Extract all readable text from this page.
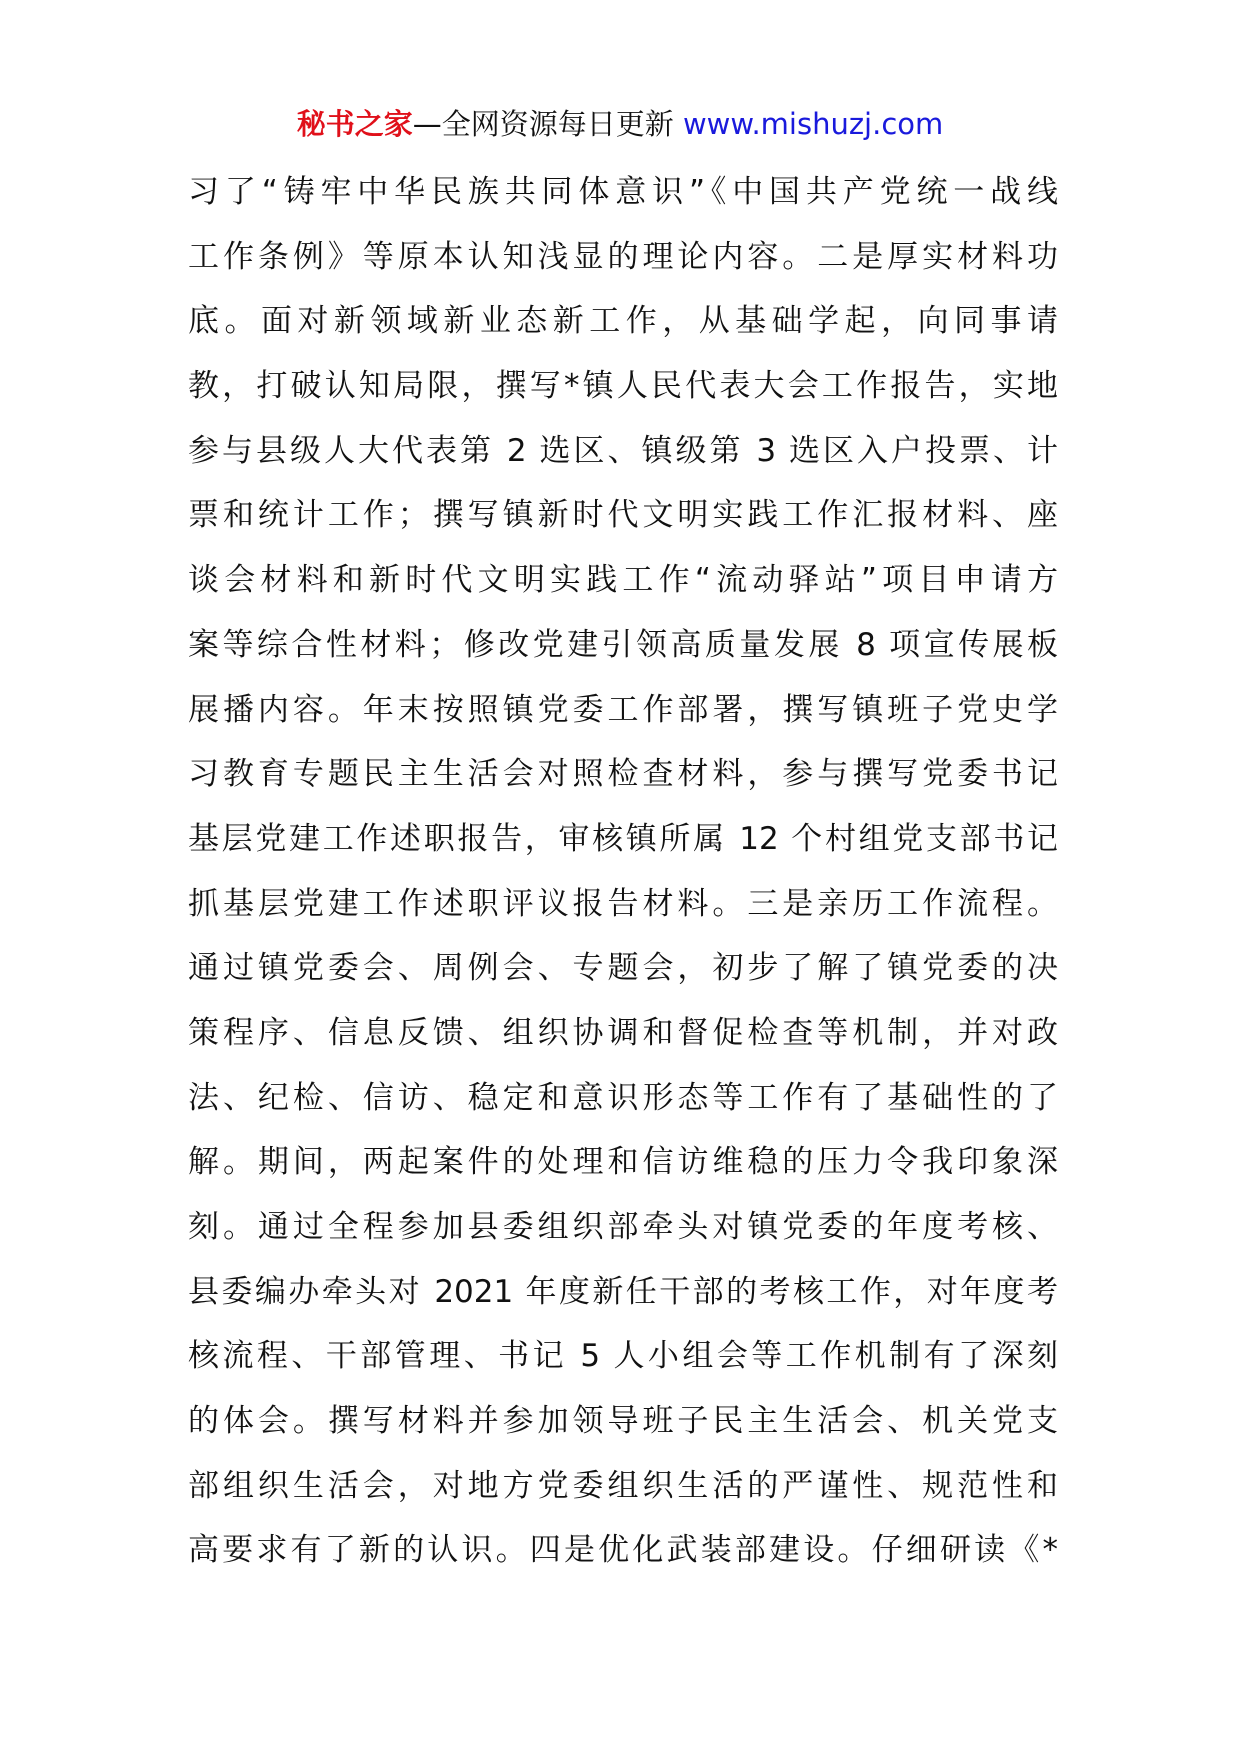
秘书之家—全网资源每日更新 www.mishuzj.com
习了“铸牢中华民族共同体意识”《中国共产党统一战线
工作条例》等原本认知浅显的理论内容。二是厚实材料功
底。面对新领域新业态新工作，从基础学起，向同事请
教，打破认知局限，撰写*镇人民代表大会工作报告，实地
参与县级人大代表第 2 选区、镇级第 3 选区入户投票、计
票和统计工作；撰写镇新时代文明实践工作汇报材料、座
谈会材料和新时代文明实践工作“流动驿站”项目申请方
案等综合性材料；修改党建引领高质量发展 8 项宣传展板
展播内容。年末按照镇党委工作部署，撰写镇班子党史学
习教育专题民主生活会对照检查材料，参与撰写党委书记
基层党建工作述职报告，审核镇所属 12 个村组党支部书记
抓基层党建工作述职评议报告材料。三是亲历工作流程。
通过镇党委会、周例会、专题会，初步了解了镇党委的决
策程序、信息反馈、组织协调和督促检查等机制，并对政
法、纪检、信访、稳定和意识形态等工作有了基础性的了
解。期间，两起案件的处理和信访维稳的压力令我印象深
刻。通过全程参加县委组织部牵头对镇党委的年度考核、
县委编办牵头对 2021 年度新任干部的考核工作，对年度考
核流程、干部管理、书记 5 人小组会等工作机制有了深刻
的体会。撰写材料并参加领导班子民主生活会、机关党支
部组织生活会，对地方党委组织生活的严谨性、规范性和
高要求有了新的认识。四是优化武装部建设。仔细研读《*
